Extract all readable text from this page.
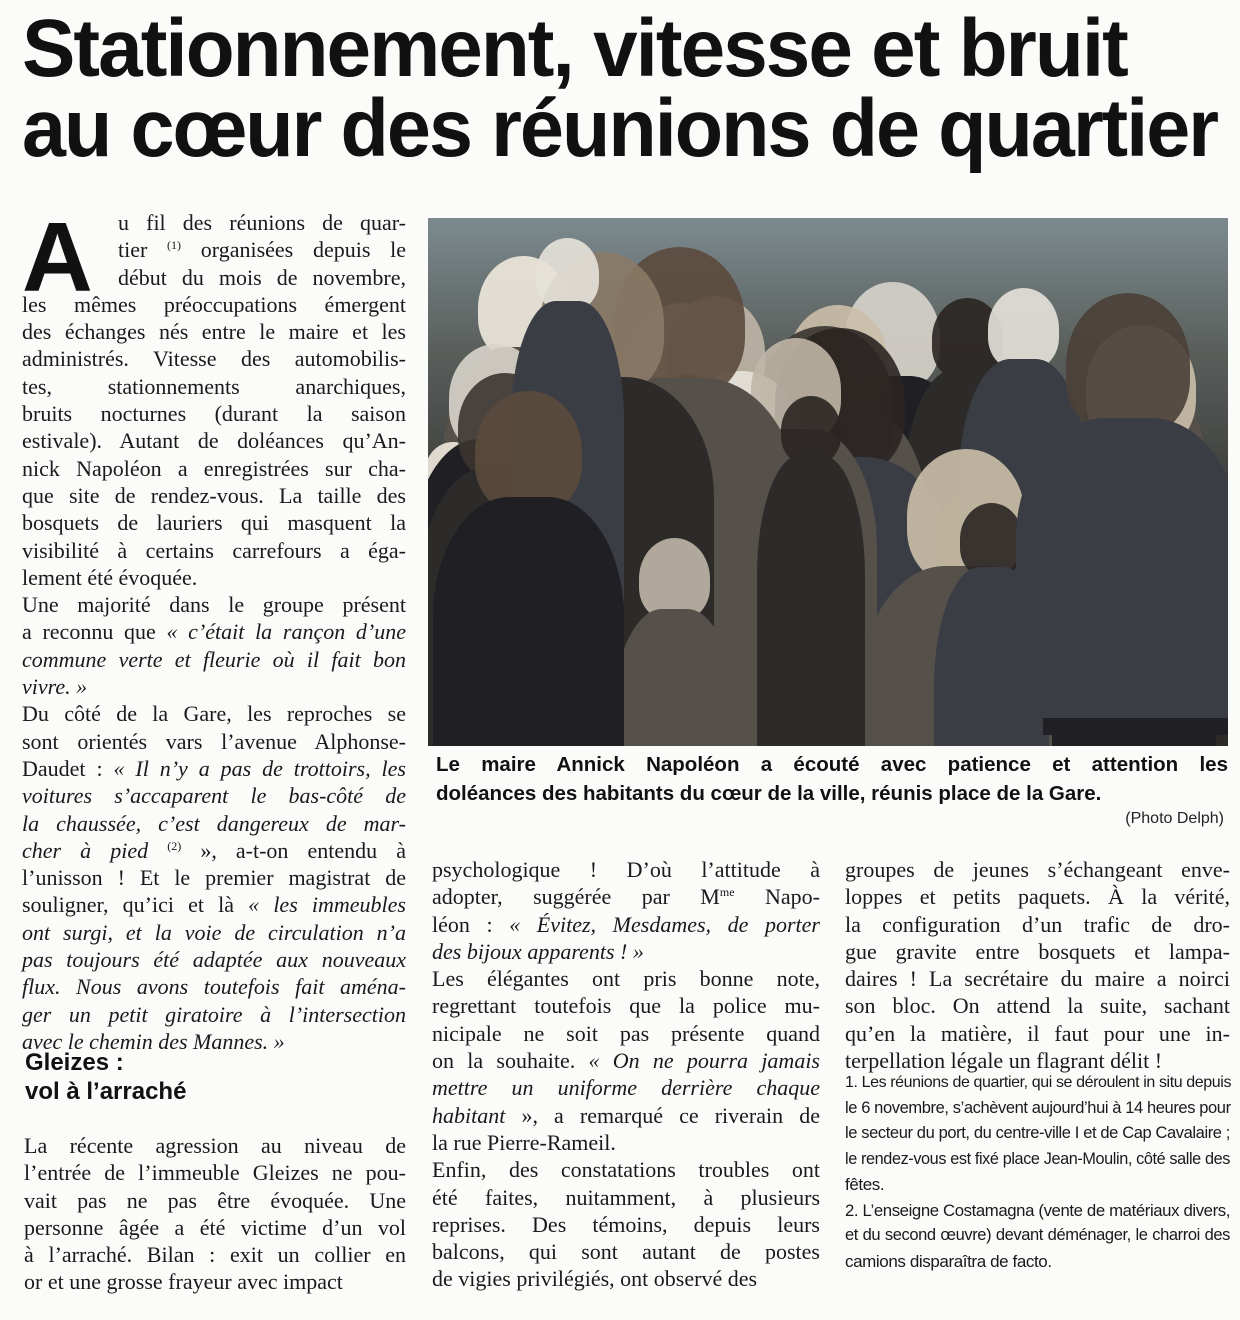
Stationnement, vitesse et bruit
au cœur des réunions de quartier
A	u fil des réunions de quar-
tier $^{(1)}$ organisées depuis le
début du mois de novembre,
les mêmes préoccupations émergent
des échanges nés entre le maire et les
administrés. Vitesse des automobilis-
tes, stationnements anarchiques,
bruits nocturnes (durant la saison
estivale). Autant de doléances qu’An-
nick Napoléon a enregistrées sur cha-
que site de rendez-vous. La taille des
bosquets de lauriers qui masquent la
visibilité à certains carrefours a éga-
lement été évoquée.
Une majorité dans le groupe présent
a reconnu que « c’était la rançon d’une
commune verte et fleurie où il fait bon
vivre. »
Du côté de la Gare, les reproches se
sont orientés vars l’avenue Alphonse-
Daudet : « Il n’y a pas de trottoirs, les
voitures s’accaparent le bas-côté de
la chaussée, c’est dangereux de mar-
cher à pied $^{(2)}$ », a-t-on entendu à
l’unisson ! Et le premier magistrat de
souligner, qu’ici et là « les immeubles
ont surgi, et la voie de circulation n’a
pas toujours été adaptée aux nouveaux
flux. Nous avons toutefois fait aména-
ger un petit giratoire à l’intersection
avec le chemin des Mannes. »
Gleizes :
vol à l’arraché
La récente agression au niveau de
l’entrée de l’immeuble Gleizes ne pou-
vait pas ne pas être évoquée. Une
personne âgée a été victime d’un vol
à l’arraché. Bilan : exit un collier en
or et une grosse frayeur avec impact
Le maire Annick Napoléon a écouté avec patience et attention les
doléances des habitants du cœur de la ville, réunis place de la Gare.
(Photo Delph)
psychologique ! D’où l’attitude à
adopter, suggérée par $M^{me}$ Napo-
léon : « Évitez, Mesdames, de porter
des bijoux apparents ! »
Les élégantes ont pris bonne note,
regrettant toutefois que la police mu-
nicipale ne soit pas présente quand
on la souhaite. « On ne pourra jamais
mettre un uniforme derrière chaque
habitant », a remarqué ce riverain de
la rue Pierre-Rameil.
Enfin, des constatations troubles ont
été faites, nuitamment, à plusieurs
reprises. Des témoins, depuis leurs
balcons, qui sont autant de postes
de vigies privilégiés, ont observé des
groupes de jeunes s’échangeant enve-
loppes et petits paquets. À la vérité,
la configuration d’un trafic de dro-
gue gravite entre bosquets et lampa-
daires ! La secrétaire du maire a noirci
son bloc. On attend la suite, sachant
qu’en la matière, il faut pour une in-
terpellation légale un flagrant délit !
1. Les réunions de quartier, qui se déroulent in situ depuis
le 6 novembre, s’achèvent aujourd’hui à 14 heures pour
le secteur du port, du centre-ville I et de Cap Cavalaire ;
le rendez-vous est fixé place Jean-Moulin, côté salle des
fêtes.
2. L’enseigne Costamagna (vente de matériaux divers,
et du second œuvre) devant déménager, le charroi des
camions disparaîtra de facto.
